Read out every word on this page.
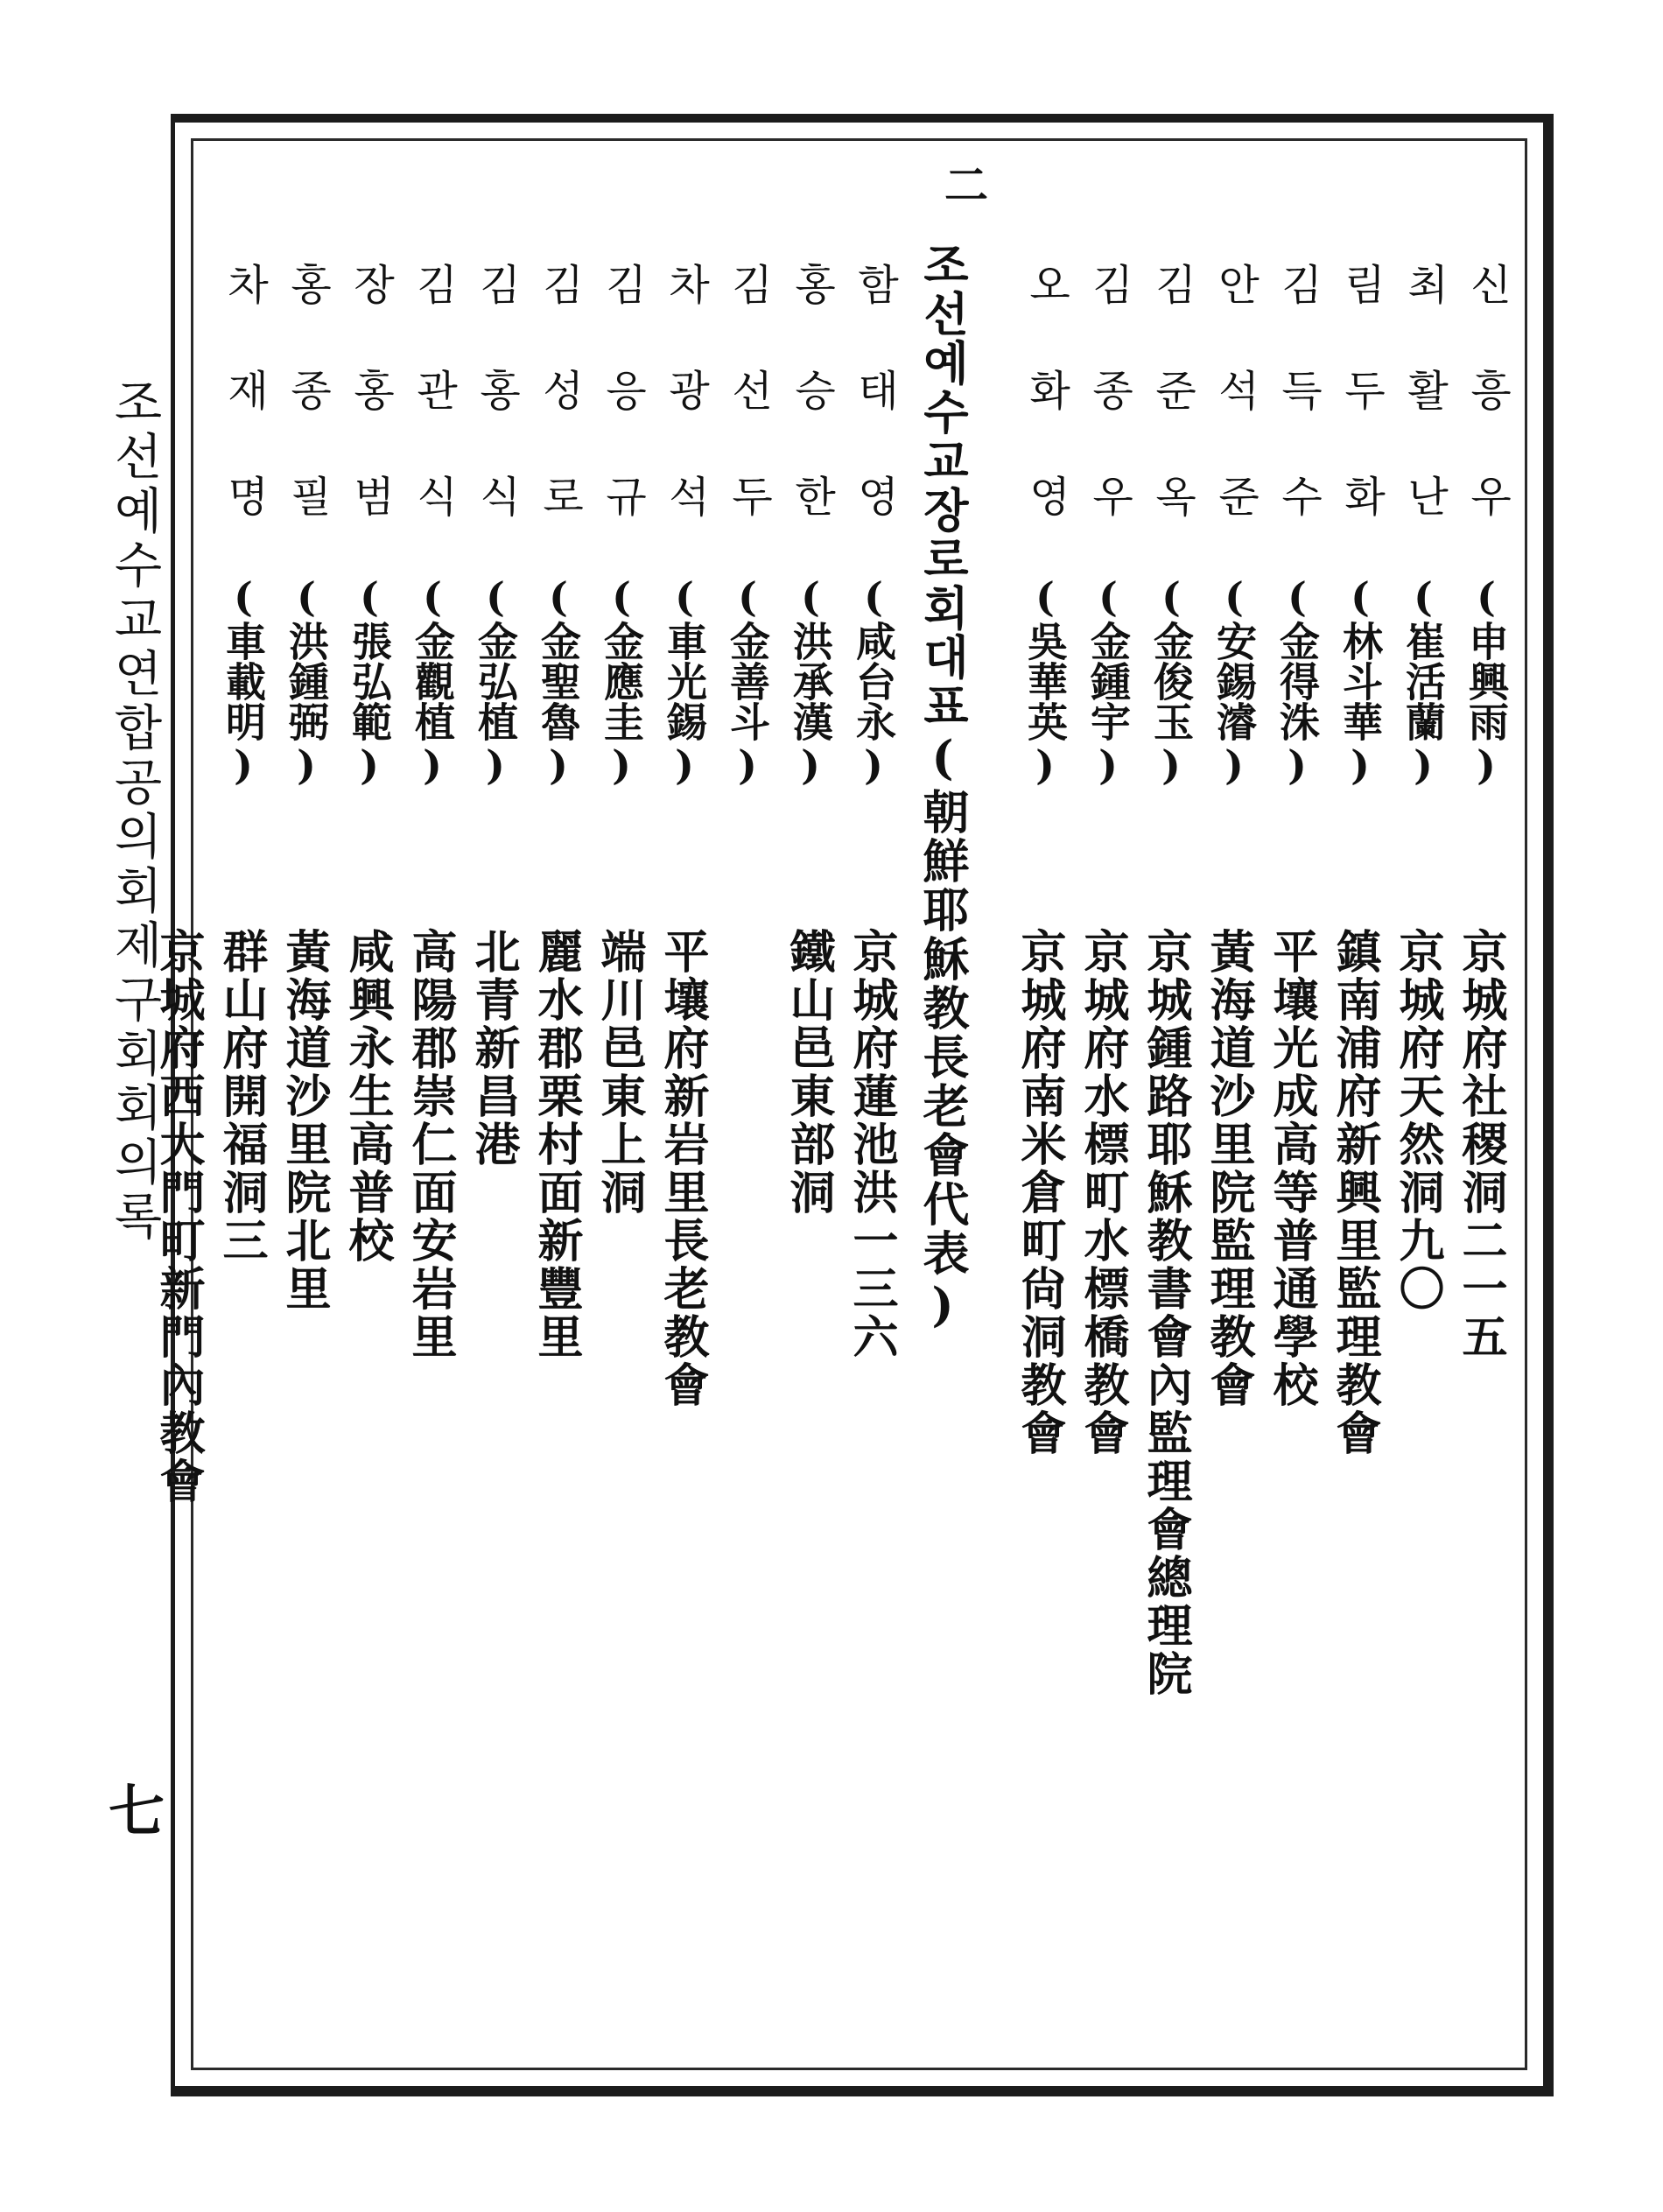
조선예수교연합공의회제구회회의록
七
二
조선예수교장로회대표(朝鮮耶穌教長老會代表)	신흥우
(申興雨)
최활난
(崔活蘭)
림두화
(林斗華)
김득수
(金得洙)
안석준
(安錫濬)
김준옥
(金俊玉)
김종우
(金鍾宇)
오화영
(吳華英)
함태영
(咸台永)
홍승한
(洪承漢)
김선두
(金善斗)
차광석
(車光錫)
김응규
(金應圭)
김성로
(金聖魯)
김홍식
(金弘植)
김관식
(金觀植)
장홍범
(張弘範)
홍종필
(洪鍾弼)
차재명
(車載明)
京城府社稷洞二一五
京城府天然洞九〇
鎮南浦府新興里監理教會
平壤光成高等普通學校
黃海道沙里院監理教會
京城鍾路耶穌教書會內監理會總理院
京城府水標町水標橋教會
京城府南米倉町尙洞教會
京城府蓮池洪一三六
鐵山邑東部洞
平壤府新岩里長老教會
端川邑東上洞
麗水郡栗村面新豐里
北青新昌港
高陽郡崇仁面安岩里
咸興永生高普校
黃海道沙里院北里
群山府開福洞三
京城府西大門町新門內教會
